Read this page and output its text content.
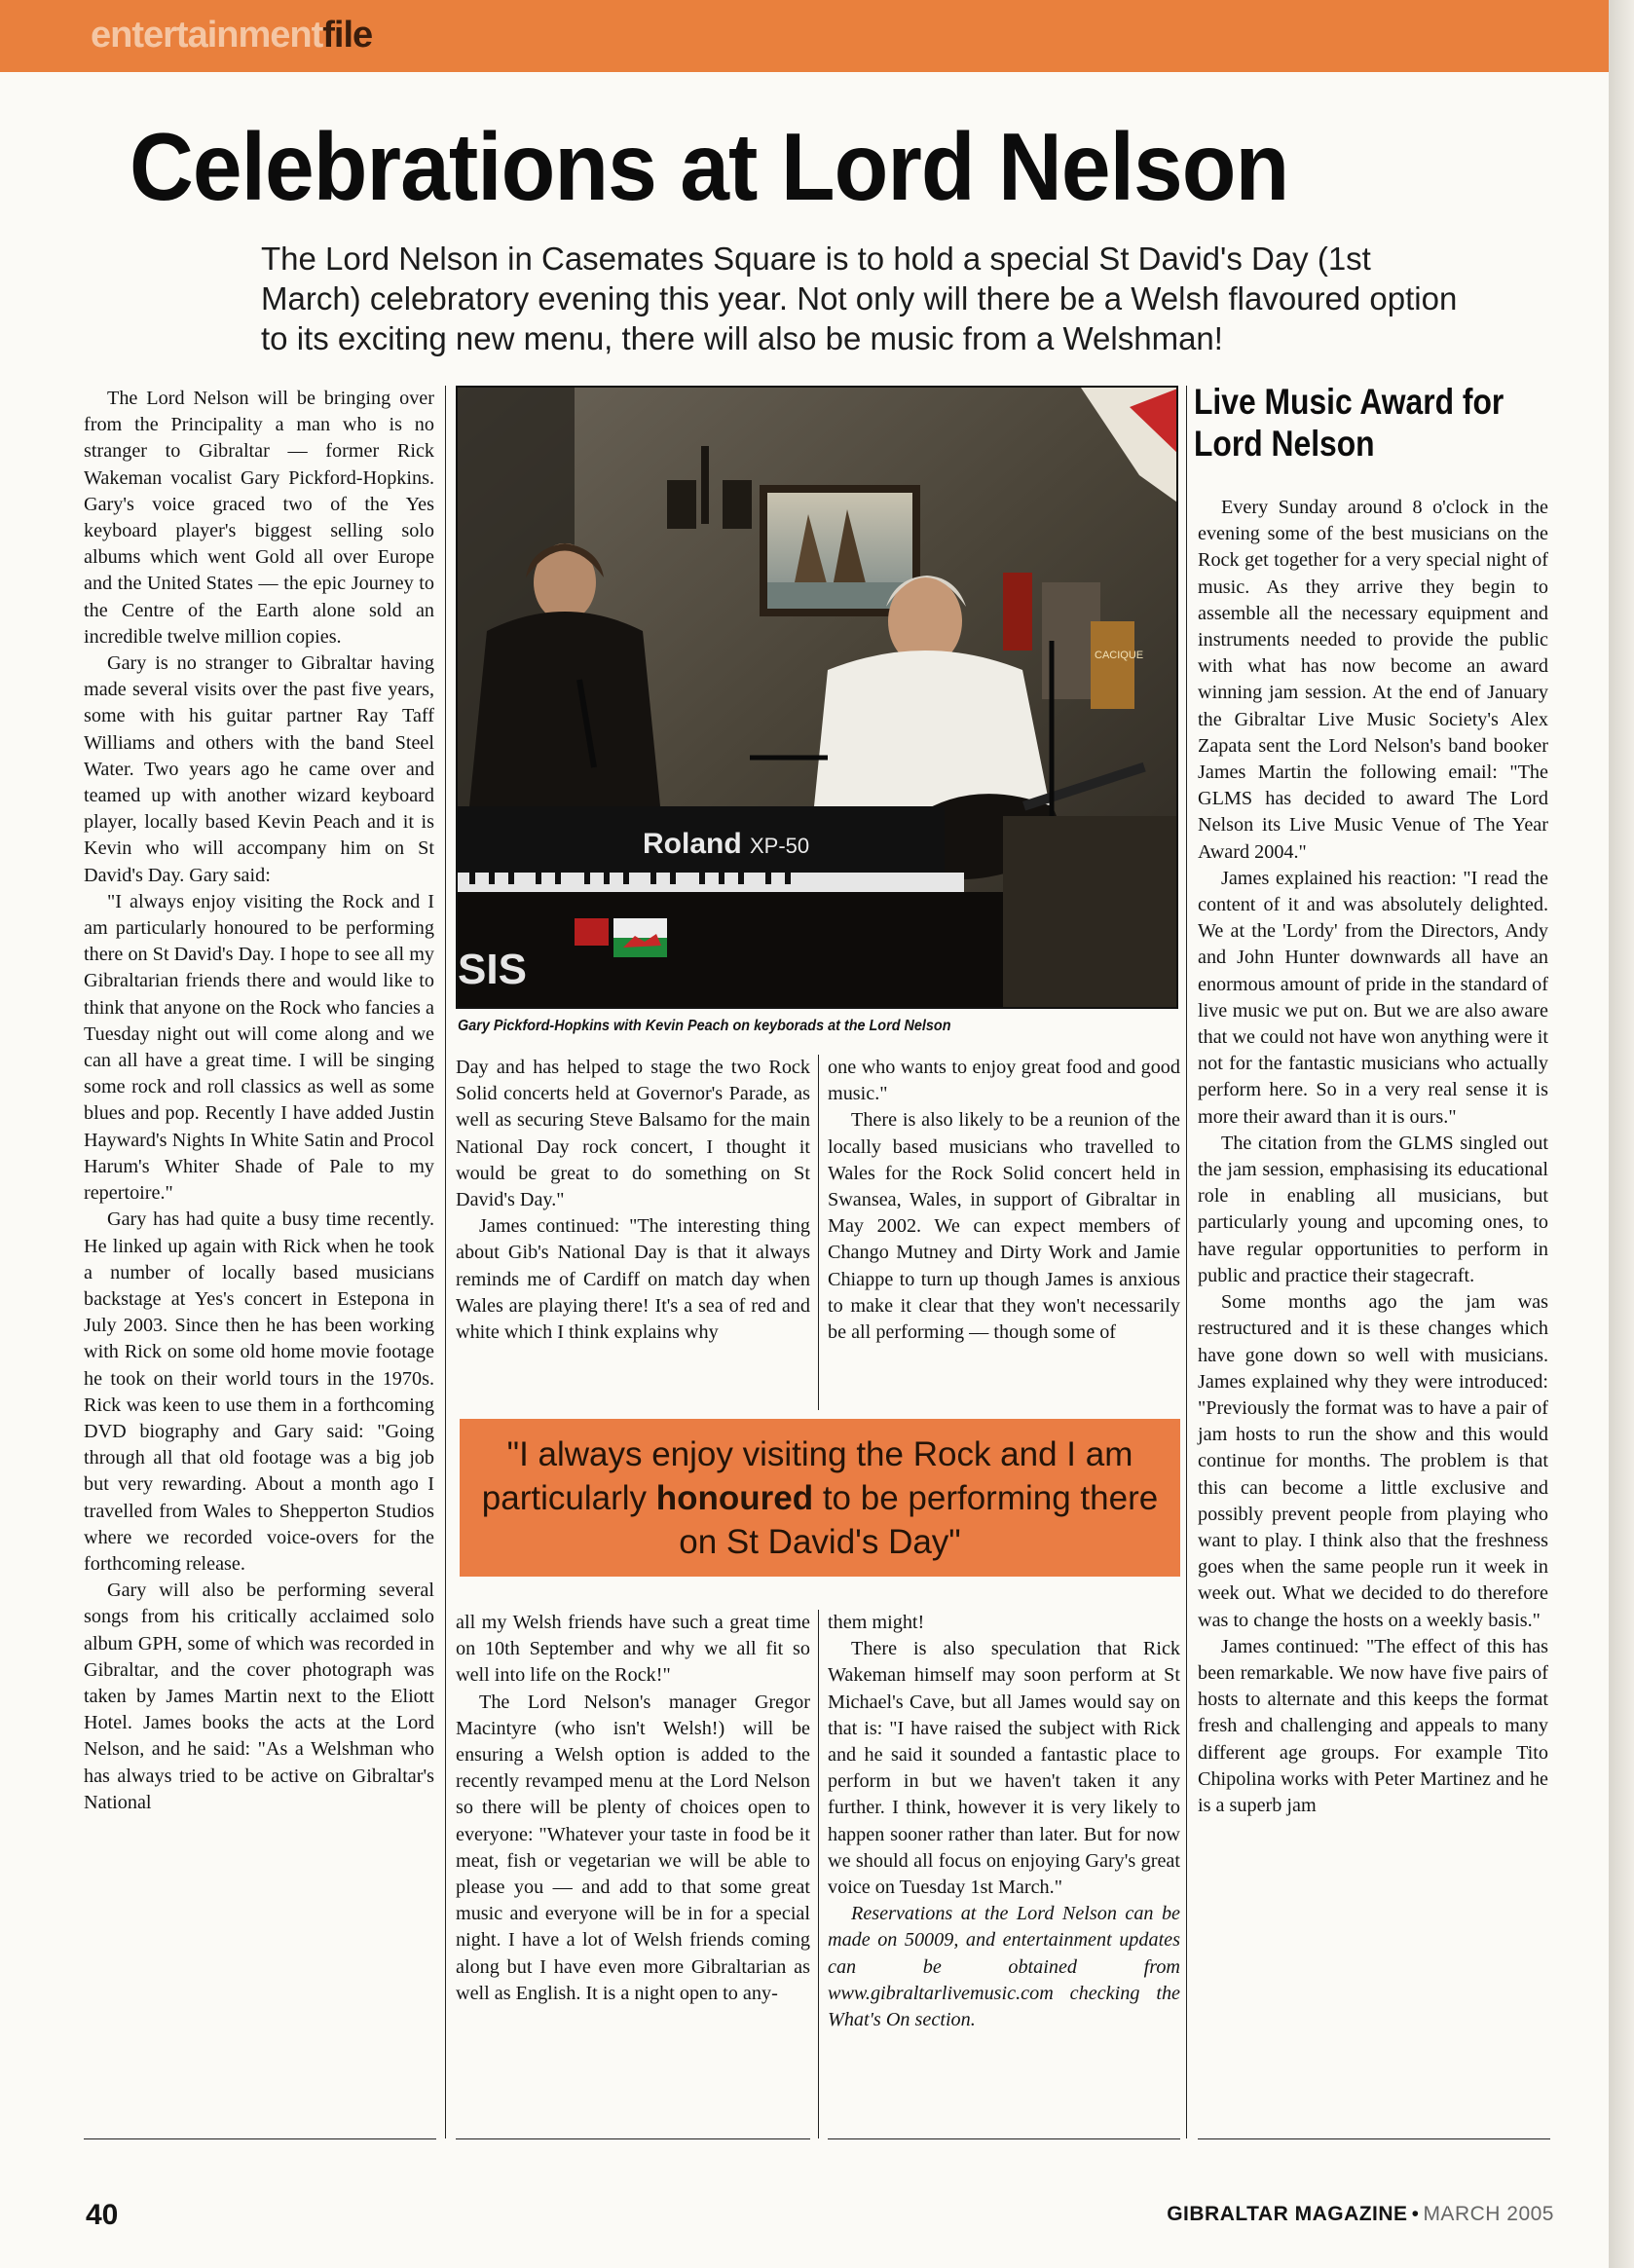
entertainmentfile
Celebrations at Lord Nelson
The Lord Nelson in Casemates Square is to hold a special St David's Day (1st March) celebratory evening this year. Not only will there be a Welsh flavoured option to its exciting new menu, there will also be music from a Welshman!

The Lord Nelson will be bringing over from the Principality a man who is no stranger to Gibraltar — former Rick Wakeman vocalist Gary Pickford-Hopkins. Gary's voice graced two of the Yes keyboard player's biggest selling solo albums which went Gold all over Europe and the United States — the epic Journey to the Centre of the Earth alone sold an incredible twelve million copies.

Gary is no stranger to Gibraltar having made several visits over the past five years, some with his guitar partner Ray Taff Williams and others with the band Steel Water. Two years ago he came over and teamed up with another wizard keyboard player, locally based Kevin Peach and it is Kevin who will accompany him on St David's Day. Gary said:

"I always enjoy visiting the Rock and I am particularly honoured to be performing there on St David's Day. I hope to see all my Gibraltarian friends there and would like to think that anyone on the Rock who fancies a Tuesday night out will come along and we can all have a great time. I will be singing some rock and roll classics as well as some blues and pop. Recently I have added Justin Hayward's Nights In White Satin and Procol Harum's Whiter Shade of Pale to my repertoire."

Gary has had quite a busy time recently. He linked up again with Rick when he took a number of locally based musicians backstage at Yes's concert in Estepona in July 2003. Since then he has been working with Rick on some old home movie footage he took on their world tours in the 1970s. Rick was keen to use them in a forthcoming DVD biography and Gary said: "Going through all that old footage was a big job but very rewarding. About a month ago I travelled from Wales to Shepperton Studios where we recorded voice-overs for the forthcoming release.

Gary will also be performing several songs from his critically acclaimed solo album GPH, some of which was recorded in Gibraltar, and the cover photograph was taken by James Martin next to the Eliott Hotel. James books the acts at the Lord Nelson, and he said: "As a Welshman who has always tried to be active on Gibraltar's National

CACIQUE
Roland XP-50
SIS
Gary Pickford-Hopkins with Kevin Peach on keyborads at the Lord Nelson

Day and has helped to stage the two Rock Solid concerts held at Governor's Parade, as well as securing Steve Balsamo for the main National Day rock concert, I thought it would be great to do something on St David's Day."

James continued: "The interesting thing about Gib's National Day is that it always reminds me of Cardiff on match day when Wales are playing there! It's a sea of red and white which I think explains why

one who wants to enjoy great food and good music."

There is also likely to be a reunion of the locally based musicians who travelled to Wales for the Rock Solid concert held in Swansea, Wales, in support of Gibraltar in May 2002. We can expect members of Chango Mutney and Dirty Work and Jamie Chiappe to turn up though James is anxious to make it clear that they won't necessarily be all performing — though some of

"I always enjoy visiting the Rock and I am particularly honoured to be performing there on St David's Day"

all my Welsh friends have such a great time on 10th September and why we all fit so well into life on the Rock!"

The Lord Nelson's manager Gregor Macintyre (who isn't Welsh!) will be ensuring a Welsh option is added to the recently revamped menu at the Lord Nelson so there will be plenty of choices open to everyone: "Whatever your taste in food be it meat, fish or vegetarian we will be able to please you — and add to that some great music and everyone will be in for a special night. I have a lot of Welsh friends coming along but I have even more Gibraltarian as well as English. It is a night open to any-

them might!

There is also speculation that Rick Wakeman himself may soon perform at St Michael's Cave, but all James would say on that is: "I have raised the subject with Rick and he said it sounded a fantastic place to perform in but we haven't taken it any further. I think, however it is very likely to happen sooner rather than later. But for now we should all focus on enjoying Gary's great voice on Tuesday 1st March."

Reservations at the Lord Nelson can be made on 50009, and entertainment updates can be obtained from www.gibraltarlivemusic.com checking the What's On section.

Live Music Award for Lord Nelson

Every Sunday around 8 o'clock in the evening some of the best musicians on the Rock get together for a very special night of music. As they arrive they begin to assemble all the necessary equipment and instruments needed to provide the public with what has now become an award winning jam session. At the end of January the Gibraltar Live Music Society's Alex Zapata sent the Lord Nelson's band booker James Martin the following email: "The GLMS has decided to award The Lord Nelson its Live Music Venue of The Year Award 2004."

James explained his reaction: "I read the content of it and was absolutely delighted. We at the 'Lordy' from the Directors, Andy and John Hunter downwards all have an enormous amount of pride in the standard of live music we put on. But we are also aware that we could not have won anything were it not for the fantastic musicians who actually perform here. So in a very real sense it is more their award than it is ours."

The citation from the GLMS singled out the jam session, emphasising its educational role in enabling all musicians, but particularly young and upcoming ones, to have regular opportunities to perform in public and practice their stagecraft.

Some months ago the jam was restructured and it is these changes which have gone down so well with musicians. James explained why they were introduced: "Previously the format was to have a pair of jam hosts to run the show and this would continue for months. The problem is that this can become a little exclusive and possibly prevent people from playing who want to play. I think also that the freshness goes when the same people run it week in week out. What we decided to do therefore was to change the hosts on a weekly basis."

James continued: "The effect of this has been remarkable. We now have five pairs of hosts to alternate and this keeps the format fresh and challenging and appeals to many different age groups. For example Tito Chipolina works with Peter Martinez and he is a superb jam

40	GIBRALTAR MAGAZINE • MARCH 2005
